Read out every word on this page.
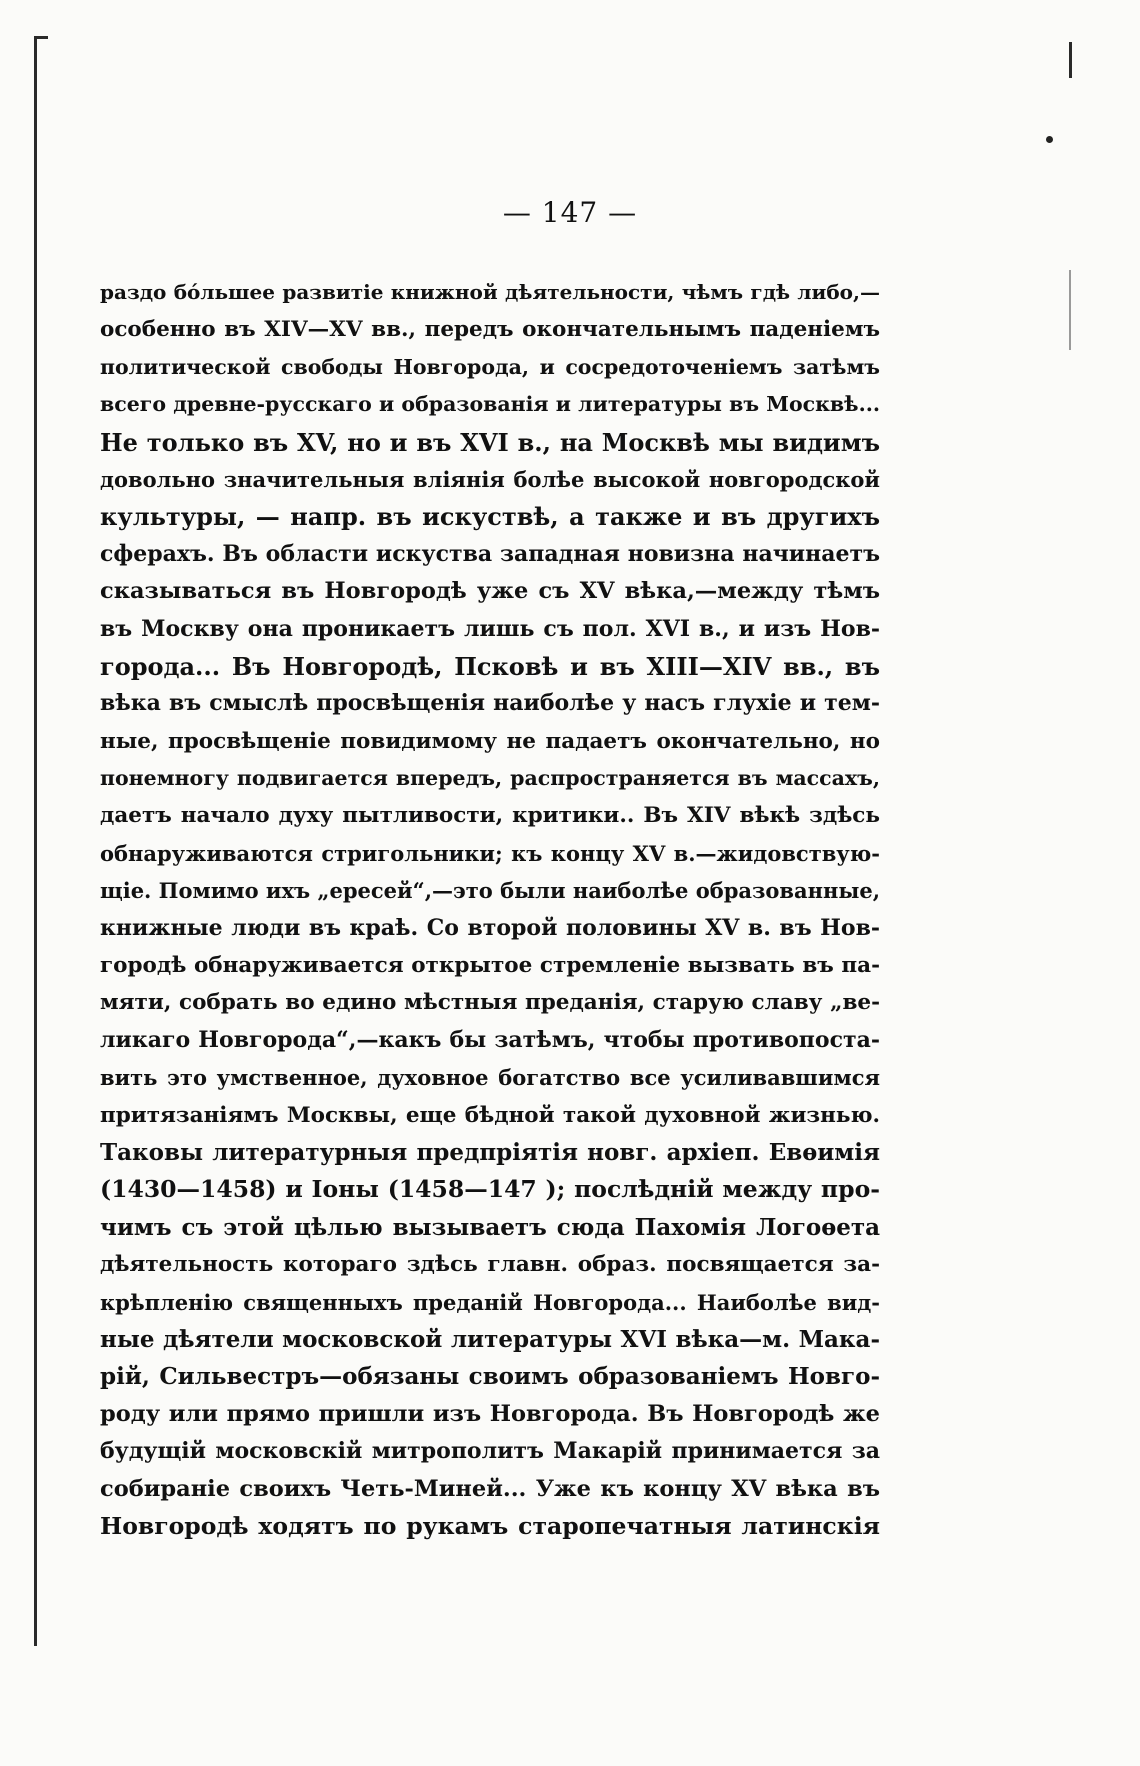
— 147 —
раздо бóльшее развитіе книжной дѣятельности, чѣмъ гдѣ либо,—
особенно въ XIV—XV вв., передъ окончательнымъ паденіемъ
политической свободы Новгорода, и сосредоточеніемъ затѣмъ
всего древне-русскаго и образованія и литературы въ Москвѣ...
Не только въ XV, но и въ XVI в., на Москвѣ мы видимъ
довольно значительныя вліянія болѣе высокой новгородской
культуры, — напр. въ искуствѣ, а также и въ другихъ
сферахъ. Въ области искуства западная новизна начинаетъ
сказываться въ Новгородѣ уже съ XV вѣка,—между тѣмъ
въ Москву она проникаетъ лишь съ пол. XVI в., и изъ Нов-
города... Въ Новгородѣ, Псковѣ и въ XIII—XIV вв., въ
вѣка въ смыслѣ просвѣщенія наиболѣе у насъ глухіе и тем-
ные, просвѣщеніе повидимому не падаетъ окончательно, но
понемногу подвигается впередъ, распространяется въ массахъ,
даетъ начало духу пытливости, критики.. Въ XIV вѣкѣ здѣсь
обнаруживаются стригольники; къ концу XV в.—жидовствую-
щіе. Помимо ихъ „ересей“,—это были наиболѣе образованные,
книжные люди въ краѣ. Со второй половины XV в. въ Нов-
городѣ обнаруживается открытое стремленіе вызвать въ па-
мяти, собрать во едино мѣстныя преданія, старую славу „ве-
ликаго Новгорода“,—какъ бы затѣмъ, чтобы противопоста-
вить это умственное, духовное богатство все усиливавшимся
притязаніямъ Москвы, еще бѣдной такой духовной жизнью.
Таковы литературныя предпріятія новг. архіеп. Евѳимія
(1430—1458) и Іоны (1458—147 ); послѣдній между про-
чимъ съ этой цѣлью вызываетъ сюда Пахомія Логоѳета
дѣятельность котораго здѣсь главн. образ. посвящается за-
крѣпленію священныхъ преданій Новгорода... Наиболѣе вид-
ные дѣятели московской литературы XVI вѣка—м. Мака-
рій, Сильвестръ—обязаны своимъ образованіемъ Новго-
роду или прямо пришли изъ Новгорода. Въ Новгородѣ же
будущій московскій митрополитъ Макарій принимается за
собираніе своихъ Четь-Миней... Уже къ концу XV вѣка въ
Новгородѣ ходятъ по рукамъ старопечатныя латинскія
